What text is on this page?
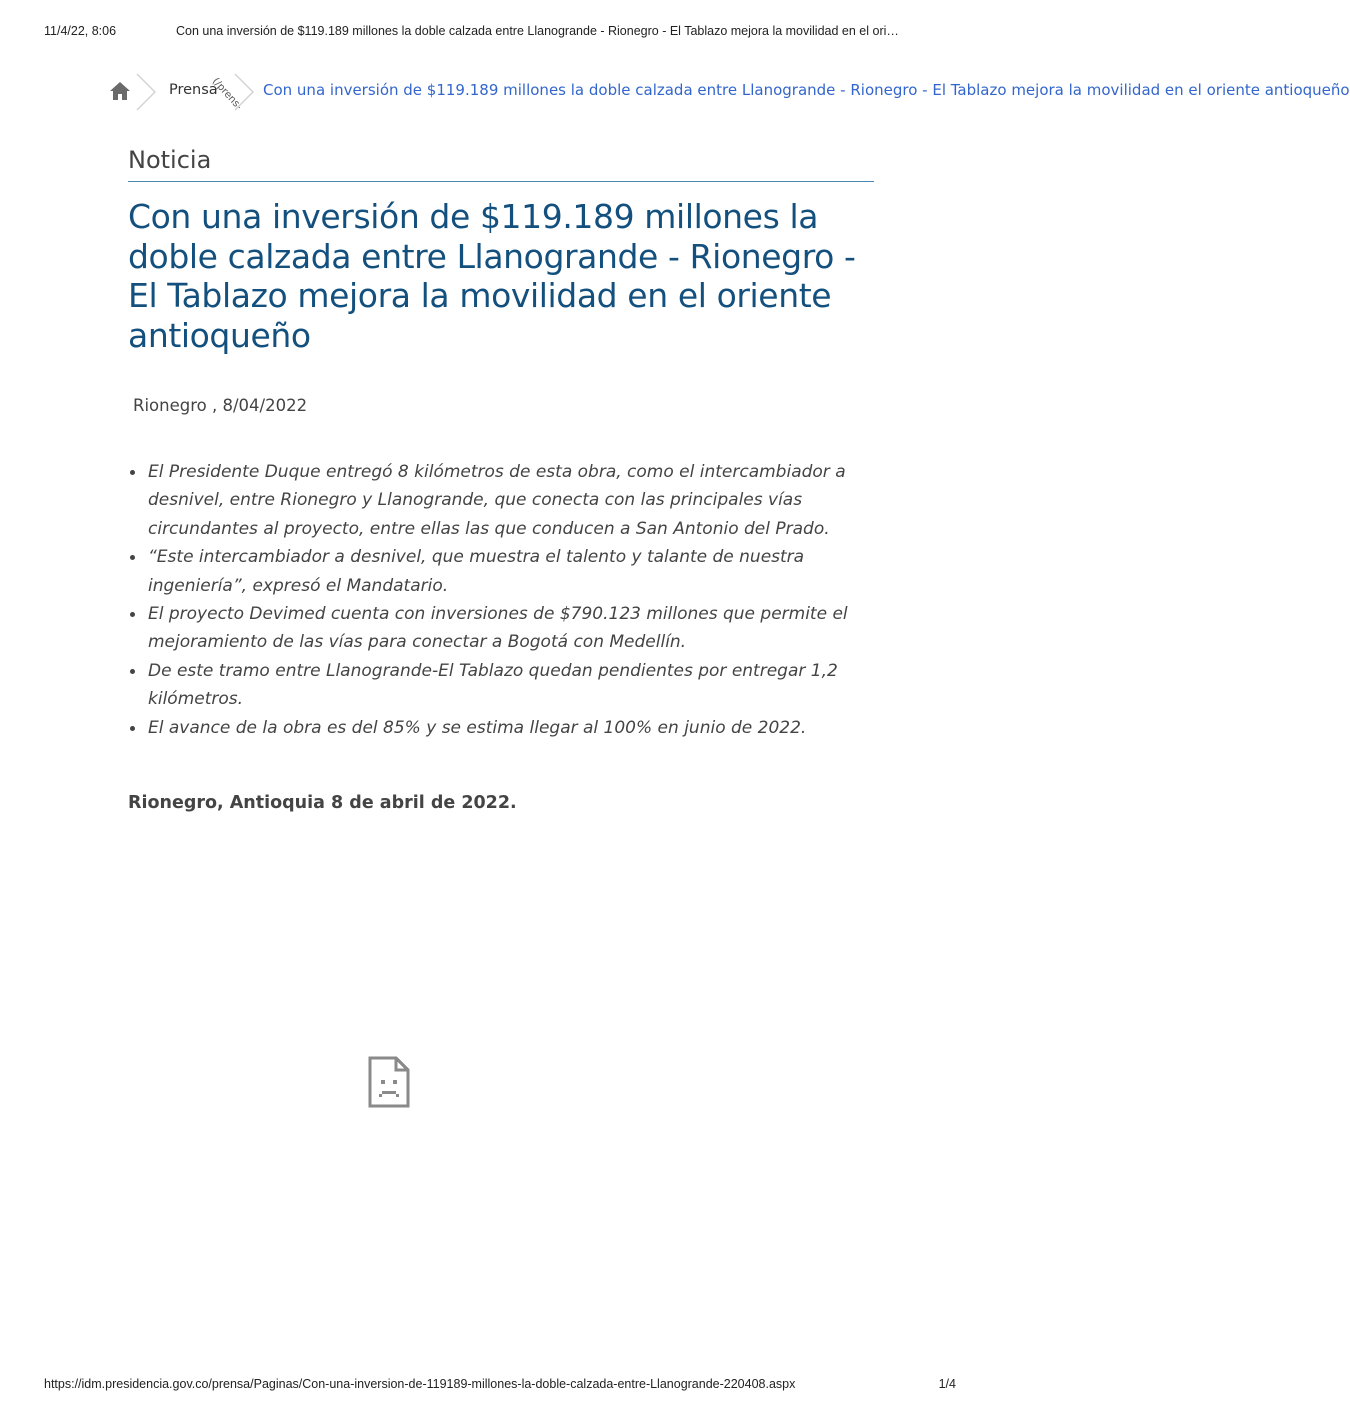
11/4/22, 8:06	Con una inversión de $119.189 millones la doble calzada entre Llanogrande - Rionegro - El Tablazo mejora la movilidad en el ori…
Prensa
(/prens- Con una inversión de $119.189 millones la doble calzada entre Llanogrande - Rionegro - El Tablazo mejora la movilidad en el oriente antioqueño
Noticia
Con una inversión de $119.189 millones la doble calzada entre Llanogrande - Rionegro - El Tablazo mejora la movilidad en el oriente antioqueño
Rionegro , 8/04/2022
El Presidente Duque entregó 8 kilómetros de esta obra, como el intercambiador a desnivel, entre Rionegro y Llanogrande, que conecta con las principales vías circundantes al proyecto, entre ellas las que conducen a San Antonio del Prado.
“Este intercambiador a desnivel, que muestra el talento y talante de nuestra ingeniería”, expresó el Mandatario.
El proyecto Devimed cuenta con inversiones de $790.123 millones que permite el mejoramiento de las vías para conectar a Bogotá con Medellín.
De este tramo entre Llanogrande-El Tablazo quedan pendientes por entregar 1,2 kilómetros.
El avance de la obra es del 85% y se estima llegar al 100% en junio de 2022.
Rionegro, Antioquia 8 de abril de 2022.
https://idm.presidencia.gov.co/prensa/Paginas/Con-una-inversion-de-119189-millones-la-doble-calzada-entre-Llanogrande-220408.aspx	1/4
